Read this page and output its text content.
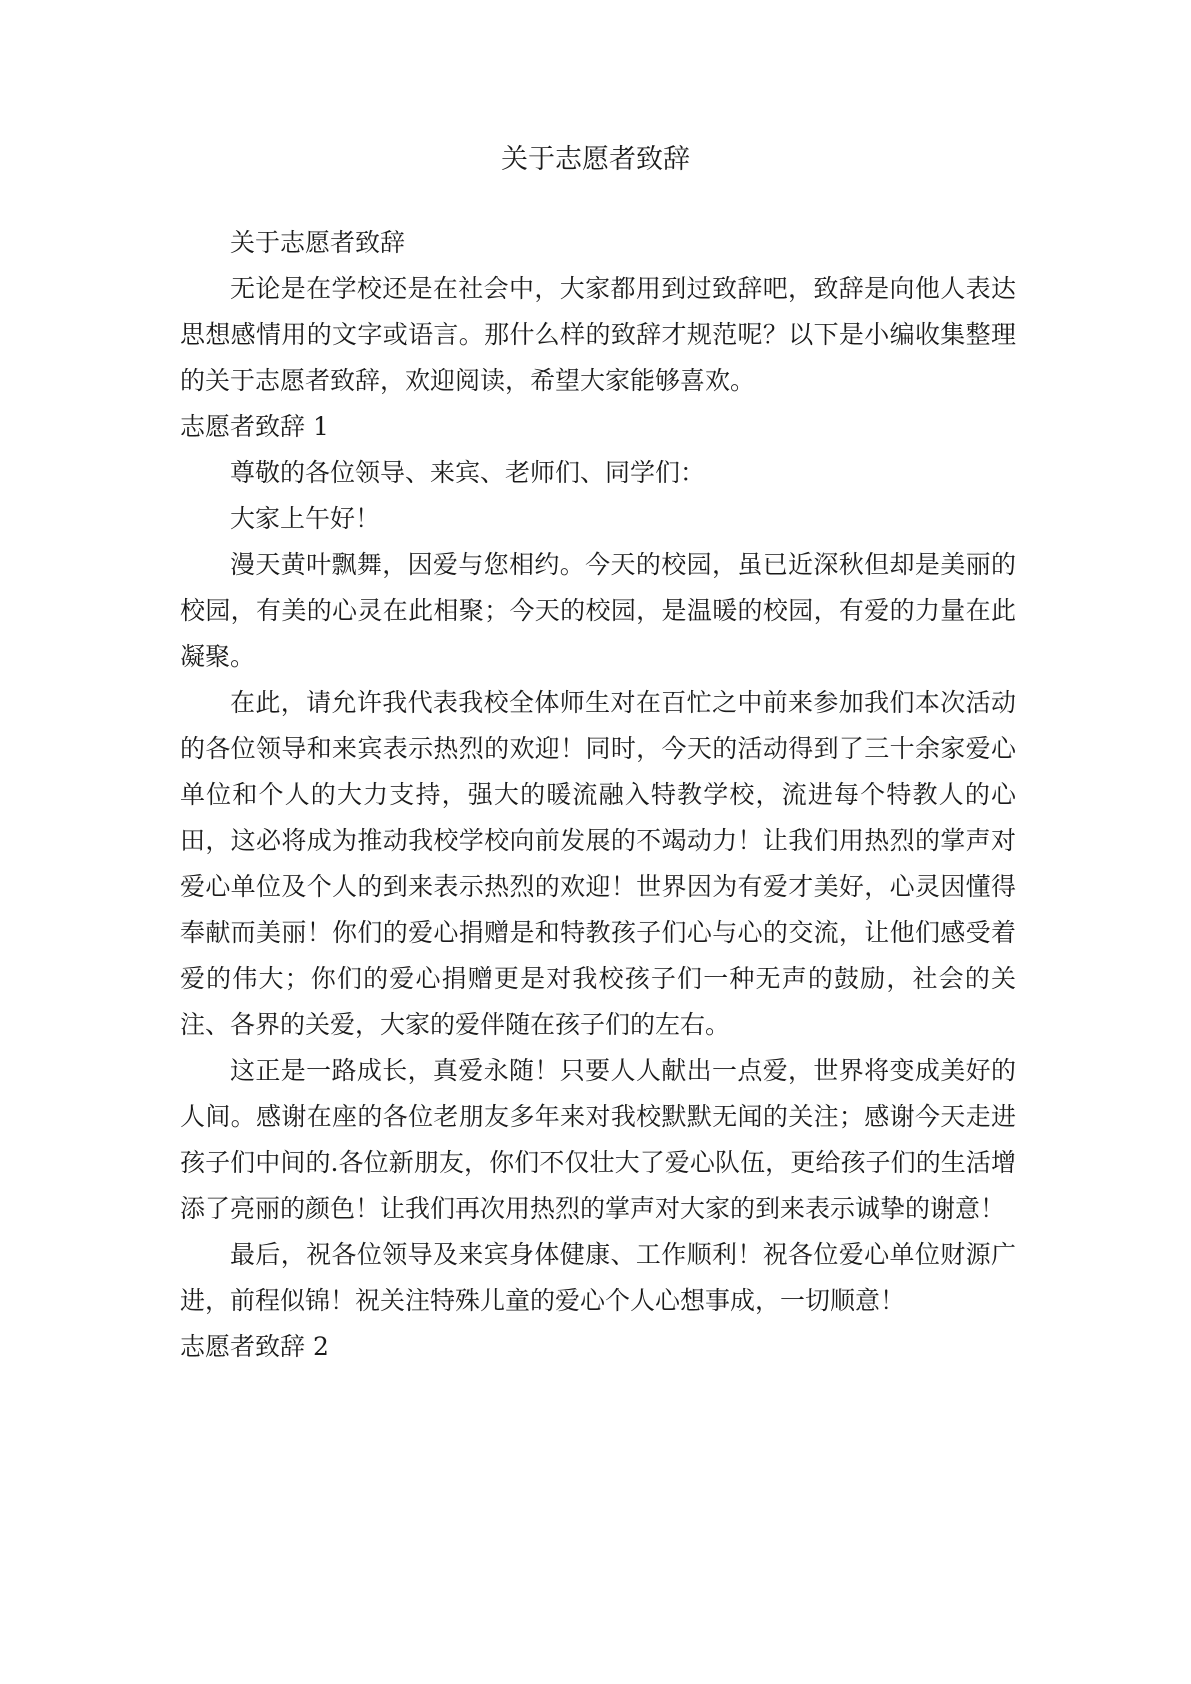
关于志愿者致辞

关于志愿者致辞

无论是在学校还是在社会中，大家都用到过致辞吧，致辞是向他人表达思想感情用的文字或语言。那什么样的致辞才规范呢？以下是小编收集整理的关于志愿者致辞，欢迎阅读，希望大家能够喜欢。

志愿者致辞 1

尊敬的各位领导、来宾、老师们、同学们：

大家上午好！

漫天黄叶飘舞，因爱与您相约。今天的校园，虽已近深秋但却是美丽的校园，有美的心灵在此相聚；今天的校园，是温暖的校园，有爱的力量在此凝聚。

在此，请允许我代表我校全体师生对在百忙之中前来参加我们本次活动的各位领导和来宾表示热烈的欢迎！同时，今天的活动得到了三十余家爱心单位和个人的大力支持，强大的暖流融入特教学校，流进每个特教人的心田，这必将成为推动我校学校向前发展的不竭动力！让我们用热烈的掌声对爱心单位及个人的到来表示热烈的欢迎！世界因为有爱才美好，心灵因懂得奉献而美丽！你们的爱心捐赠是和特教孩子们心与心的交流，让他们感受着爱的伟大；你们的爱心捐赠更是对我校孩子们一种无声的鼓励，社会的关注、各界的关爱，大家的爱伴随在孩子们的左右。

这正是一路成长，真爱永随！只要人人献出一点爱，世界将变成美好的人间。感谢在座的各位老朋友多年来对我校默默无闻的关注；感谢今天走进孩子们中间的.各位新朋友，你们不仅壮大了爱心队伍，更给孩子们的生活增添了亮丽的颜色！让我们再次用热烈的掌声对大家的到来表示诚挚的谢意！

最后，祝各位领导及来宾身体健康、工作顺利！祝各位爱心单位财源广进，前程似锦！祝关注特殊儿童的爱心个人心想事成，一切顺意！

志愿者致辞 2
